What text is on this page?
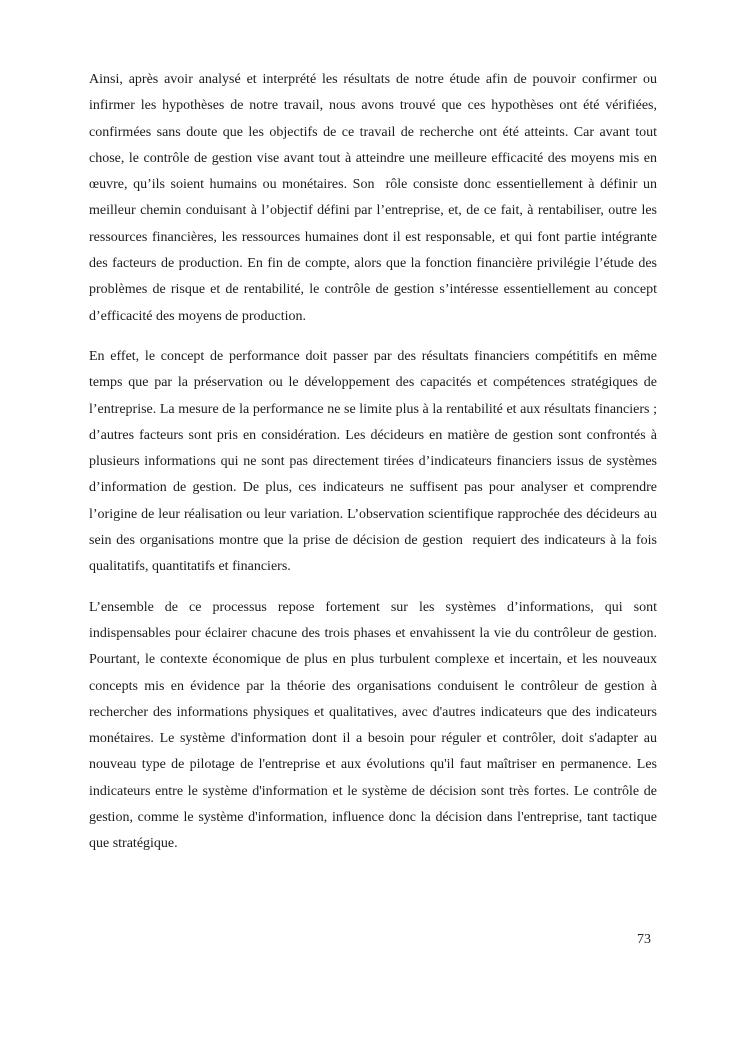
Ainsi, après avoir analysé et interprété les résultats de notre étude afin de pouvoir confirmer ou infirmer les hypothèses de notre travail, nous avons trouvé que ces hypothèses ont été vérifiées, confirmées sans doute que les objectifs de ce travail de recherche ont été atteints. Car avant tout chose, le contrôle de gestion vise avant tout à atteindre une meilleure efficacité des moyens mis en œuvre, qu’ils soient humains ou monétaires. Son  rôle consiste donc essentiellement à définir un meilleur chemin conduisant à l’objectif défini par l’entreprise, et, de ce fait, à rentabiliser, outre les ressources financières, les ressources humaines dont il est responsable, et qui font partie intégrante des facteurs de production. En fin de compte, alors que la fonction financière privilégie l’étude des problèmes de risque et de rentabilité, le contrôle de gestion s’intéresse essentiellement au concept d’efficacité des moyens de production.

En effet, le concept de performance doit passer par des résultats financiers compétitifs en même temps que par la préservation ou le développement des capacités et compétences stratégiques de l’entreprise. La mesure de la performance ne se limite plus à la rentabilité et aux résultats financiers ; d’autres facteurs sont pris en considération. Les décideurs en matière de gestion sont confrontés à plusieurs informations qui ne sont pas directement tirées d’indicateurs financiers issus de systèmes d’information de gestion. De plus, ces indicateurs ne suffisent pas pour analyser et comprendre l’origine de leur réalisation ou leur variation. L’observation scientifique rapprochée des décideurs au sein des organisations montre que la prise de décision de gestion  requiert des indicateurs à la fois qualitatifs, quantitatifs et financiers.

L’ensemble de ce processus repose fortement sur les systèmes d’informations, qui sont indispensables pour éclairer chacune des trois phases et envahissent la vie du contrôleur de gestion. Pourtant, le contexte économique de plus en plus turbulent complexe et incertain, et les nouveaux concepts mis en évidence par la théorie des organisations conduisent le contrôleur de gestion à rechercher des informations physiques et qualitatives, avec d'autres indicateurs que des indicateurs monétaires. Le système d'information dont il a besoin pour réguler et contrôler, doit s'adapter au nouveau type de pilotage de l'entreprise et aux évolutions qu'il faut maîtriser en permanence. Les indicateurs entre le système d'information et le système de décision sont très fortes. Le contrôle de gestion, comme le système d'information, influence donc la décision dans l'entreprise, tant tactique que stratégique.

73
